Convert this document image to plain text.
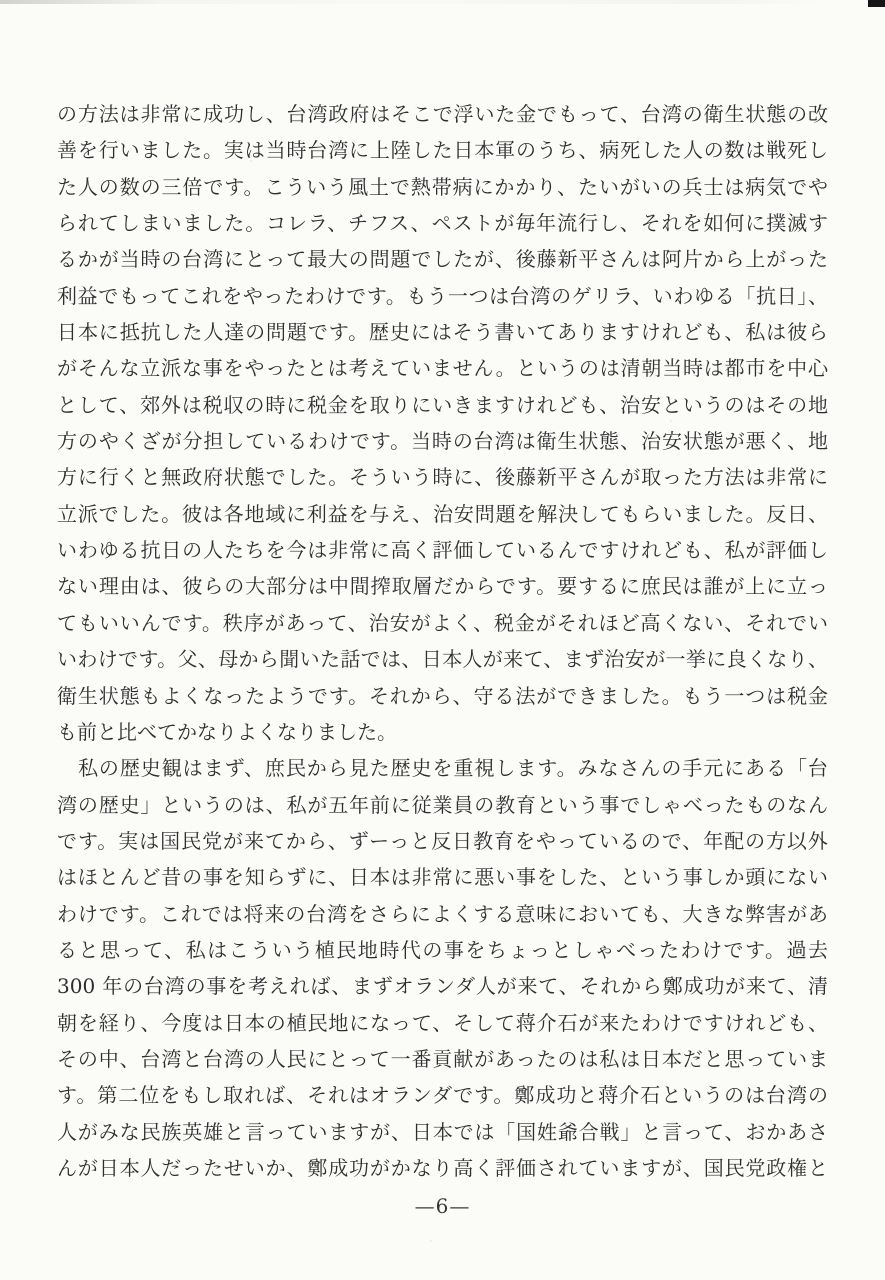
の方法は非常に成功し、台湾政府はそこで浮いた金でもって、台湾の衛生状態の改
善を行いました。実は当時台湾に上陸した日本軍のうち、病死した人の数は戦死し
た人の数の三倍です。こういう風土で熱帯病にかかり、たいがいの兵士は病気でや
られてしまいました。コレラ、チフス、ペストが毎年流行し、それを如何に撲滅す
るかが当時の台湾にとって最大の問題でしたが、後藤新平さんは阿片から上がった
利益でもってこれをやったわけです。もう一つは台湾のゲリラ、いわゆる「抗日」、
日本に抵抗した人達の問題です。歴史にはそう書いてありますけれども、私は彼ら
がそんな立派な事をやったとは考えていません。というのは清朝当時は都市を中心
として、郊外は税収の時に税金を取りにいきますけれども、治安というのはその地
方のやくざが分担しているわけです。当時の台湾は衛生状態、治安状態が悪く、地
方に行くと無政府状態でした。そういう時に、後藤新平さんが取った方法は非常に
立派でした。彼は各地域に利益を与え、治安問題を解決してもらいました。反日、
いわゆる抗日の人たちを今は非常に高く評価しているんですけれども、私が評価し
ない理由は、彼らの大部分は中間搾取層だからです。要するに庶民は誰が上に立っ
てもいいんです。秩序があって、治安がよく、税金がそれほど高くない、それでい
いわけです。父、母から聞いた話では、日本人が来て、まず治安が一挙に良くなり、
衛生状態もよくなったようです。それから、守る法ができました。もう一つは税金
も前と比べてかなりよくなりました。
　私の歴史観はまず、庶民から見た歴史を重視します。みなさんの手元にある「台
湾の歴史」というのは、私が五年前に従業員の教育という事でしゃべったものなん
です。実は国民党が来てから、ずーっと反日教育をやっているので、年配の方以外
はほとんど昔の事を知らずに、日本は非常に悪い事をした、という事しか頭にない
わけです。これでは将来の台湾をさらによくする意味においても、大きな弊害があ
ると思って、私はこういう植民地時代の事をちょっとしゃべったわけです。過去
300 年の台湾の事を考えれば、まずオランダ人が来て、それから鄭成功が来て、清
朝を経り、今度は日本の植民地になって、そして蒋介石が来たわけですけれども、
その中、台湾と台湾の人民にとって一番貢献があったのは私は日本だと思っていま
す。第二位をもし取れば、それはオランダです。鄭成功と蒋介石というのは台湾の
人がみな民族英雄と言っていますが、日本では「国姓爺合戦」と言って、おかあさ
んが日本人だったせいか、鄭成功がかなり高く評価されていますが、国民党政権と
—6—
